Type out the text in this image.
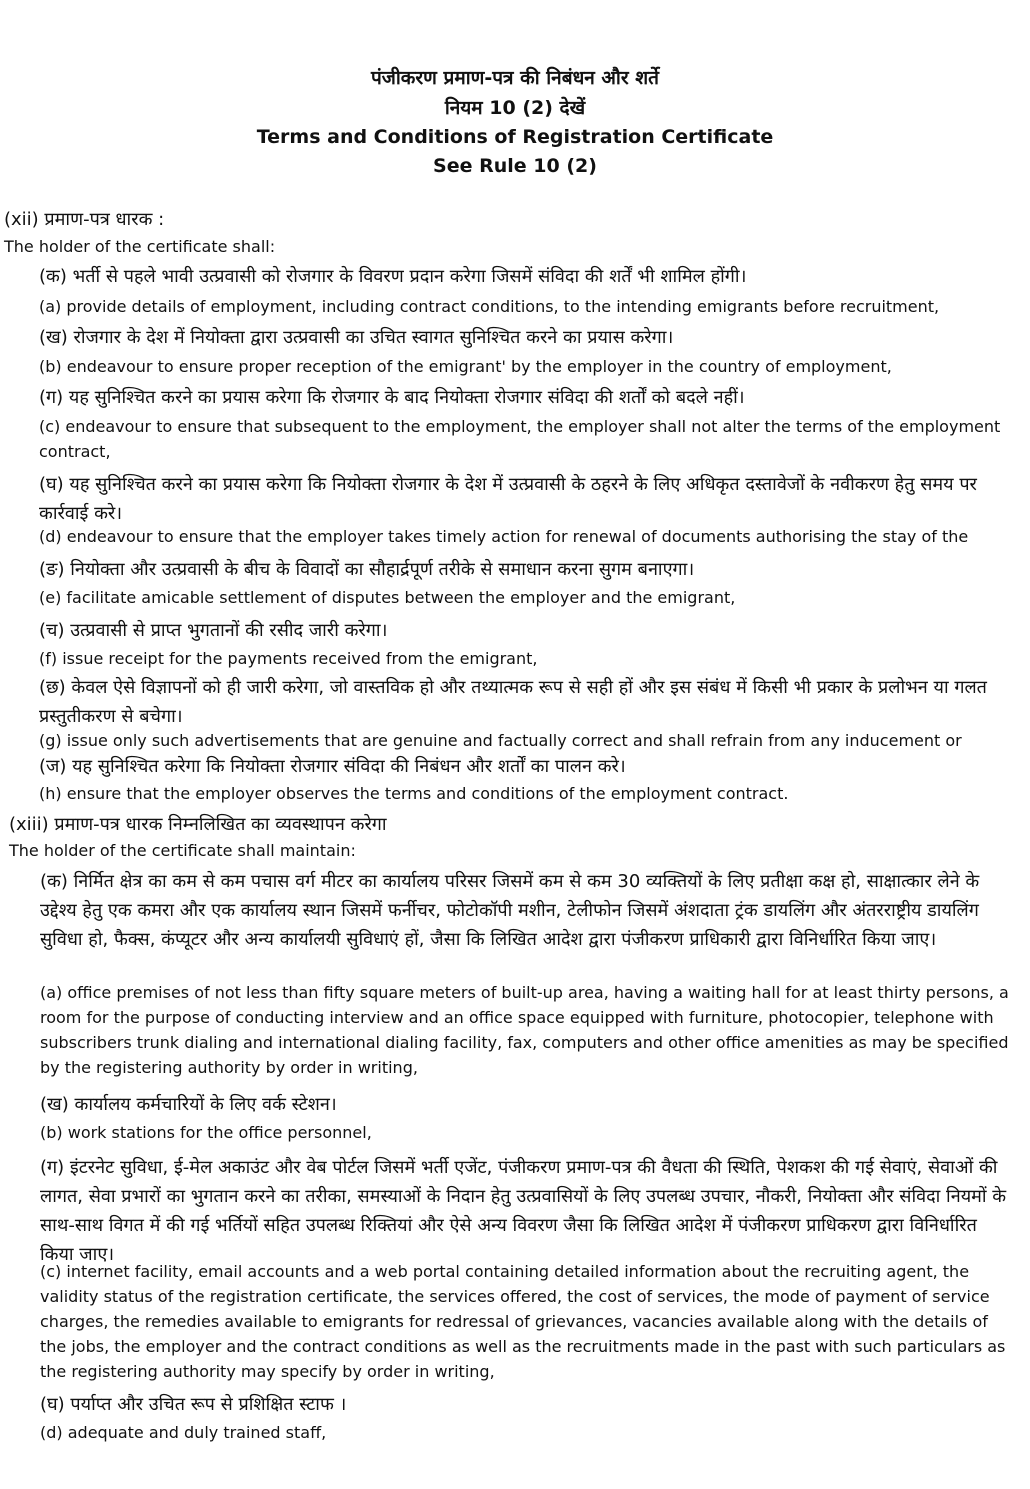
पंजीकरण प्रमाण-पत्र की निबंधन और शर्ते
नियम 10 (2) देखें
Terms and Conditions of Registration Certificate
See Rule 10 (2)

(xii) प्रमाण-पत्र धारक :

The holder of the certificate shall:

(क) भर्ती से पहले भावी उत्प्रवासी को रोजगार के विवरण प्रदान करेगा जिसमें संविदा की शर्तें भी शामिल होंगी।

(a) provide details of employment, including contract conditions, to the intending emigrants before recruitment,

(ख) रोजगार के देश में नियोक्ता द्वारा उत्प्रवासी का उचित स्वागत सुनिश्चित करने का प्रयास करेगा।

(b) endeavour to ensure proper reception of the emigrant' by the employer in the country of employment,

(ग) यह सुनिश्चित करने का प्रयास करेगा कि रोजगार के बाद नियोक्ता रोजगार संविदा की शर्तों को बदले नहीं।

(c) endeavour to ensure that subsequent to the employment, the employer shall not alter the terms of the employment contract,

(घ) यह सुनिश्चित करने का प्रयास करेगा कि नियोक्ता रोजगार के देश में उत्प्रवासी के ठहरने के लिए अधिकृत दस्तावेजों के नवीकरण हेतु समय पर कार्रवाई करे।

(d) endeavour to ensure that the employer takes timely action for renewal of documents authorising the stay of the

(ङ) नियोक्ता और उत्प्रवासी के बीच के विवादों का सौहार्द्रपूर्ण तरीके से समाधान करना सुगम बनाएगा।

(e) facilitate amicable settlement of disputes between the employer and the emigrant,

(च) उत्प्रवासी से प्राप्त भुगतानों की रसीद जारी करेगा।

(f) issue receipt for the payments received from the emigrant,

(छ) केवल ऐसे विज्ञापनों को ही जारी करेगा, जो वास्तविक हो और तथ्यात्मक रूप से सही हों और इस संबंध में किसी भी प्रकार के प्रलोभन या गलत प्रस्तुतीकरण से बचेगा।

(g) issue only such advertisements that are genuine and factually correct and shall refrain from any inducement or

(ज) यह सुनिश्चित करेगा कि नियोक्ता रोजगार संविदा की निबंधन और शर्तों का पालन करे।

(h) ensure that the employer observes the terms and conditions of the employment contract.

(xiii) प्रमाण-पत्र धारक निम्नलिखित का व्यवस्थापन करेगा

The holder of the certificate shall maintain:

(क) निर्मित क्षेत्र का कम से कम पचास वर्ग मीटर का कार्यालय परिसर जिसमें कम से कम 30 व्यक्तियों के लिए प्रतीक्षा कक्ष हो, साक्षात्कार लेने के उद्देश्य हेतु एक कमरा और एक कार्यालय स्थान जिसमें फर्नीचर, फोटोकॉपी मशीन, टेलीफोन जिसमें अंशदाता ट्रंक डायलिंग और अंतरराष्ट्रीय डायलिंग सुविधा हो, फैक्स, कंप्यूटर और अन्य कार्यालयी सुविधाएं हों, जैसा कि लिखित आदेश द्वारा पंजीकरण प्राधिकारी द्वारा विनिर्धारित किया जाए।

(a) office premises of not less than fifty square meters of built-up area, having a waiting hall for at least thirty persons, a room for the purpose of conducting interview and an office space equipped with furniture, photocopier, telephone with subscribers trunk dialing and international dialing facility, fax, computers and other office amenities as may be specified by the registering authority by order in writing,

(ख) कार्यालय कर्मचारियों के लिए वर्क स्टेशन।

(b) work stations for the office personnel,

(ग) इंटरनेट सुविधा, ई-मेल अकाउंट और वेब पोर्टल जिसमें भर्ती एजेंट, पंजीकरण प्रमाण-पत्र की वैधता की स्थिति, पेशकश की गई सेवाएं, सेवाओं की लागत, सेवा प्रभारों का भुगतान करने का तरीका, समस्याओं के निदान हेतु उत्प्रवासियों के लिए उपलब्ध उपचार, नौकरी, नियोक्ता और संविदा नियमों के साथ-साथ विगत में की गई भर्तियों सहित उपलब्ध रिक्तियां और ऐसे अन्य विवरण जैसा कि लिखित आदेश में पंजीकरण प्राधिकरण द्वारा विनिर्धारित किया जाए।

(c) internet facility, email accounts and a web portal containing detailed information about the recruiting agent, the validity status of the registration certificate, the services offered, the cost of services, the mode of payment of service charges, the remedies available to emigrants for redressal of grievances, vacancies available along with the details of the jobs, the employer and the contract conditions as well as the recruitments made in the past with such particulars as the registering authority may specify by order in writing,

(घ) पर्याप्त और उचित रूप से प्रशिक्षित स्टाफ ।

(d) adequate and duly trained staff,
